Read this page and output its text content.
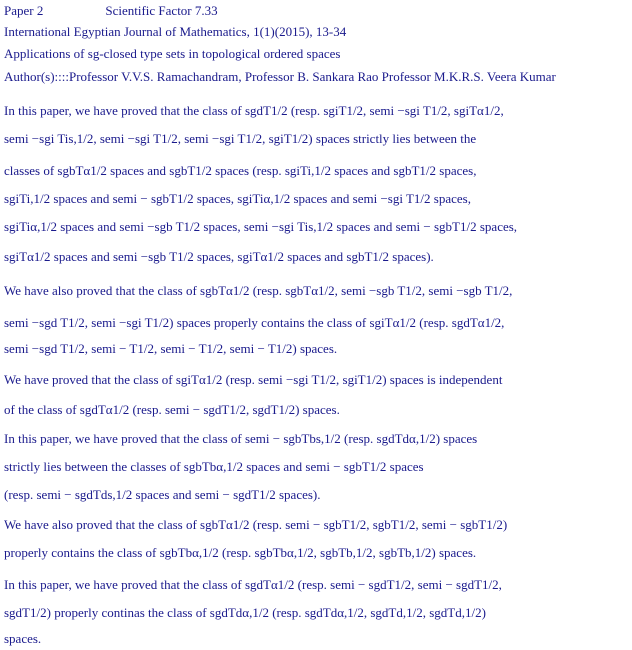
Paper 2	Scientific Factor 7.33
International Egyptian Journal of Mathematics, 1(1)(2015), 13-34
Applications of sg-closed type sets in topological ordered spaces
Author(s)::::Professor V.V.S. Ramachandram, Professor B. Sankara Rao Professor M.K.R.S. Veera Kumar
In this paper, we have proved that the class of sgdT1/2 (resp. sgiT1/2, semi −sgi T1/2, sgiTα1/2,
semi −sgi Tis,1/2, semi −sgi T1/2, semi −sgi T1/2, sgiT1/2) spaces strictly lies between the
classes of sgbTα1/2 spaces and sgbT1/2 spaces (resp. sgiTi,1/2 spaces and sgbT1/2 spaces,
sgiTi,1/2 spaces and semi − sgbT1/2 spaces, sgiTiα,1/2 spaces and semi −sgi T1/2 spaces,
sgiTiα,1/2 spaces and semi −sgb T1/2 spaces, semi −sgi Tis,1/2 spaces and semi − sgbT1/2 spaces,
sgiTα1/2 spaces and semi −sgb T1/2 spaces, sgiTα1/2 spaces and sgbT1/2 spaces).
We have also proved that the class of sgbTα1/2 (resp. sgbTα1/2, semi −sgb T1/2, semi −sgb T1/2,
semi −sgd T1/2, semi −sgi T1/2) spaces properly contains the class of sgiTα1/2 (resp. sgdTα1/2,
semi −sgd T1/2, semi − T1/2, semi − T1/2, semi − T1/2) spaces.
We have proved that the class of sgiTα1/2 (resp. semi −sgi T1/2, sgiT1/2) spaces is independent
of the class of sgdTα1/2 (resp. semi − sgdT1/2, sgdT1/2) spaces.
In this paper, we have proved that the class of semi − sgbTbs,1/2 (resp. sgdTdα,1/2) spaces
strictly lies between the classes of sgbTbα,1/2 spaces and semi − sgbT1/2 spaces
(resp. semi − sgdTds,1/2 spaces and semi − sgdT1/2 spaces).
We have also proved that the class of sgbTα1/2 (resp. semi − sgbT1/2, sgbT1/2, semi − sgbT1/2)
properly contains the class of sgbTbα,1/2 (resp. sgbTbα,1/2, sgbTb,1/2, sgbTb,1/2) spaces.
In this paper, we have proved that the class of sgdTα1/2 (resp. semi − sgdT1/2, semi − sgdT1/2,
sgdT1/2) properly continas the class of sgdTdα,1/2 (resp. sgdTdα,1/2, sgdTd,1/2, sgdTd,1/2)
spaces.
